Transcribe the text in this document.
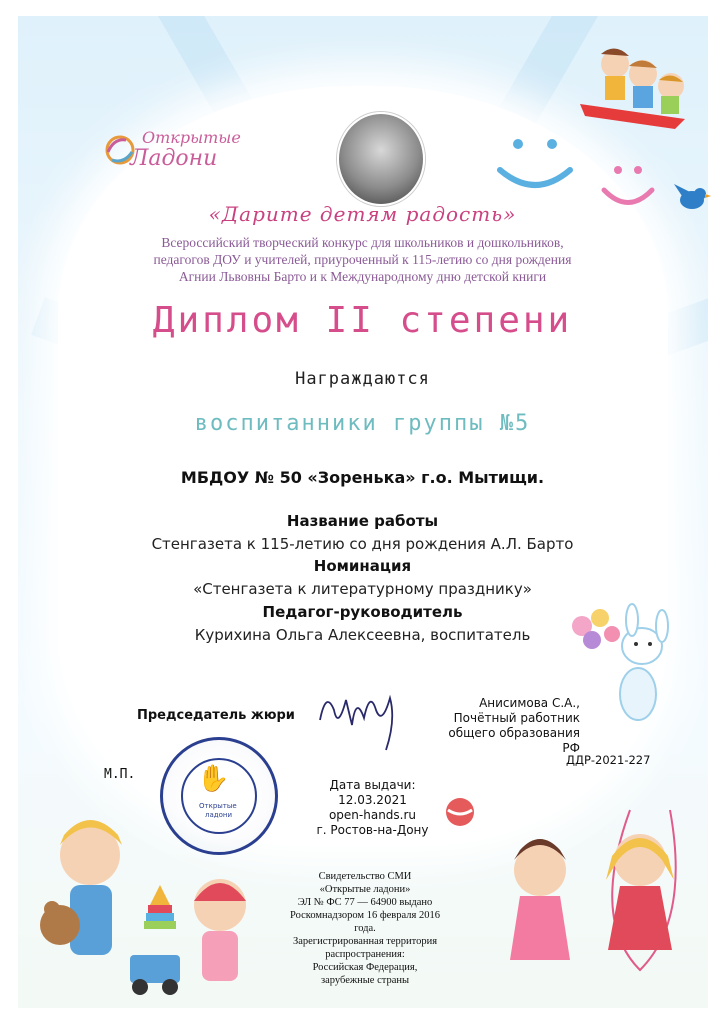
Открытые
Ладони
«Дарите детям радость»
Всероссийский творческий конкурс для школьников и дошкольников,
педагогов ДОУ и учителей, приуроченный к 115-летию со дня рождения
Агнии Львовны Барто и к Международному дню детской книги
Диплом II степени
Награждаются
воспитанники группы №5
МБДОУ № 50 «Зоренька» г.о. Мытищи.
Название работы
Стенгазета к 115-летию со дня рождения А.Л. Барто
Номинация
«Стенгазета к литературному празднику»
Педагог-руководитель
Курихина Ольга Алексеевна, воспитатель
Председатель жюри
Анисимова С.А.,
Почётный работник
общего образования РФ
М.П.
ДДР-2021-227
✋
Открытые
ладони
Дата выдачи: 12.03.2021
open-hands.ru
г. Ростов-на-Дону
Свидетельство СМИ
«Открытые ладони»
ЭЛ № ФС 77 — 64900 выдано
Роскомнадзором 16 февраля 2016 года.
Зарегистрированная территория
распространения:
Российская Федерация,
зарубежные страны
